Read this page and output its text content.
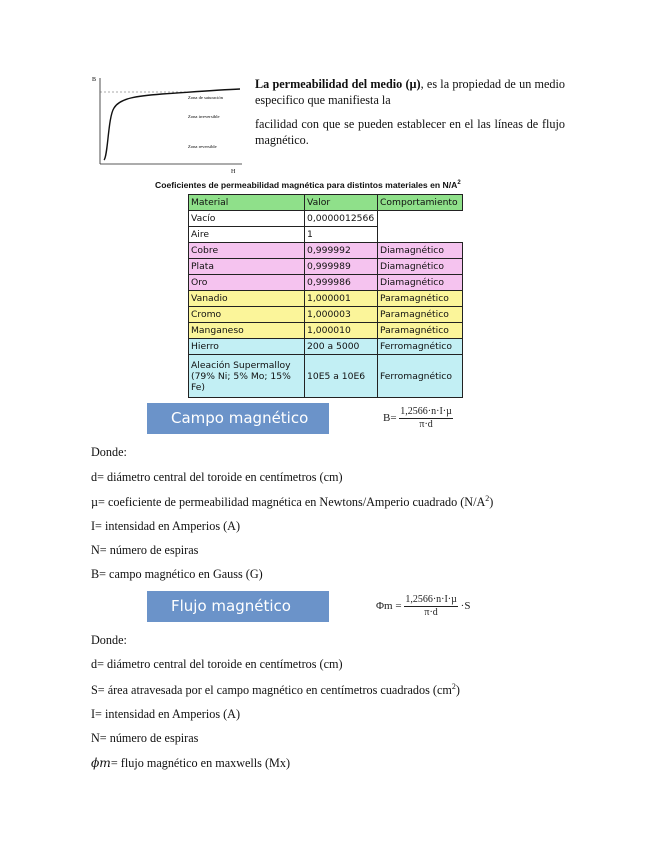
B
H
Zona de saturación
Zona irreversible
Zona reversible

La permeabilidad del medio (µ), es la propiedad de un medio especifico que manifiesta la

facilidad con que se pueden establecer en el las líneas de flujo magnético.

Coeficientes de permeabilidad magnética para distintos materiales en $N/A^2$
Material	Valor	Comportamiento
Vacío	0,0000012566	
Aire	1	
Cobre	0,999992	Diamagnético
Plata	0,999989	Diamagnético
Oro	0,999986	Diamagnético
Vanadio	1,000001	Paramagnético
Cromo	1,000003	Paramagnético
Manganeso	1,000010	Paramagnético
Hierro	200 a 5000	Ferromagnético
Aleación Supermalloy (79% Ni; 5% Mo; 15% Fe)	10E5 a 10E6	Ferromagnético
Campo magnético	$B= \frac{\text{1,2566·n·I·µ}}{\pi\cdot d}$
Donde:
d= diámetro central del toroide en centímetros (cm)
µ= coeficiente de permeabilidad magnética en Newtons/Amperio cuadrado $(N/A^2)$
I= intensidad en Amperios (A)
N= número de espiras
B= campo magnético en Gauss (G)
Flujo magnético	$\Phi m = \frac{\text{1,2566·n·I·µ}}{\pi\cdot d} \cdot S$
Donde:
d= diámetro central del toroide en centímetros (cm)
S= área atravesada por el campo magnético en centímetros cuadrados $(cm^2)$
I= intensidad en Amperios (A)
N= número de espiras
ϕm= flujo magnético en maxwells (Mx)
